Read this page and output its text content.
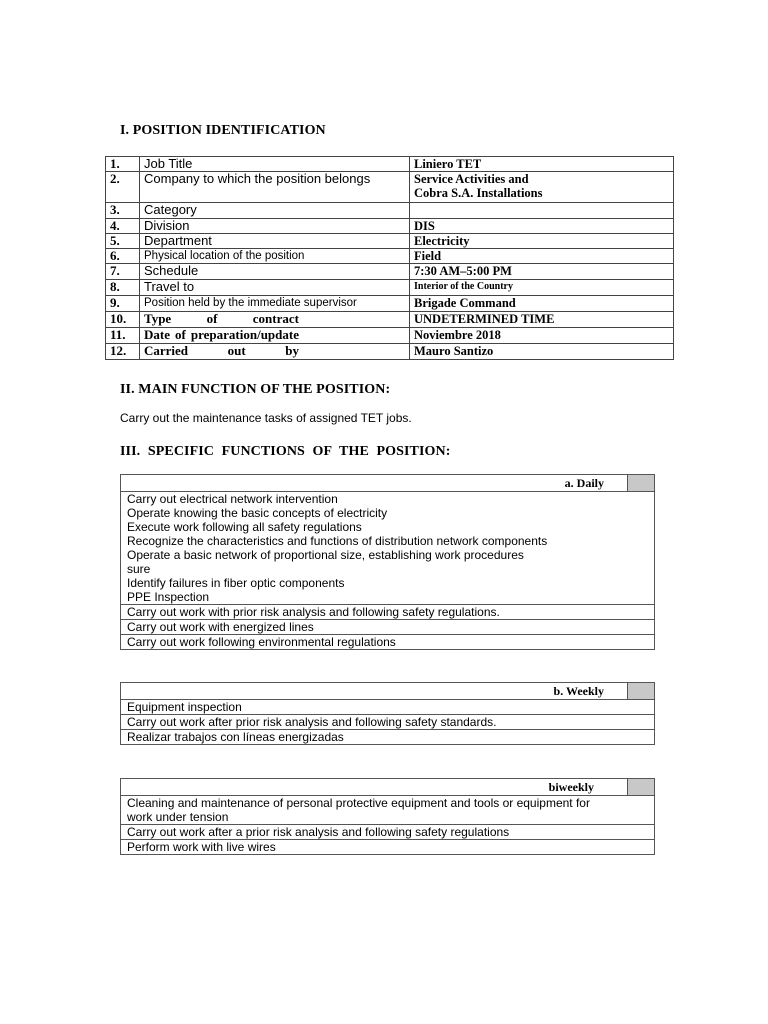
I. POSITION IDENTIFICATION
1.	Job Title	Liniero TET
2.	Company to which the position belongs	Service Activities and
Cobra S.A. Installations

3.	Category	
4.	Division	DIS
5.	Department	Electricity
6.	Physical location of the position	Field
7.	Schedule	7:30 AM–5:00 PM
8.	Travel to	Interior of the Country
9.	Position held by the immediate supervisor	Brigade Command
10.	Type of contract	UNDETERMINED TIME
11.	Date of preparation/update	Noviembre 2018
12.	Carried out by	Mauro Santizo
II. MAIN FUNCTION OF THE POSITION:
Carry out the maintenance tasks of assigned TET jobs.
III. SPECIFIC FUNCTIONS OF THE POSITION:
a. Daily
Carry out electrical network intervention
Operate knowing the basic concepts of electricity
Execute work following all safety regulations
Recognize the characteristics and functions of distribution network components
Operate a basic network of proportional size, establishing work procedures
sure
Identify failures in fiber optic components
PPE Inspection
Carry out work with prior risk analysis and following safety regulations.
Carry out work with energized lines
Carry out work following environmental regulations
b. Weekly
Equipment inspection
Carry out work after prior risk analysis and following safety standards.
Realizar trabajos con líneas energizadas
biweekly
Cleaning and maintenance of personal protective equipment and tools or equipment for
work under tension
Carry out work after a prior risk analysis and following safety regulations
Perform work with live wires
